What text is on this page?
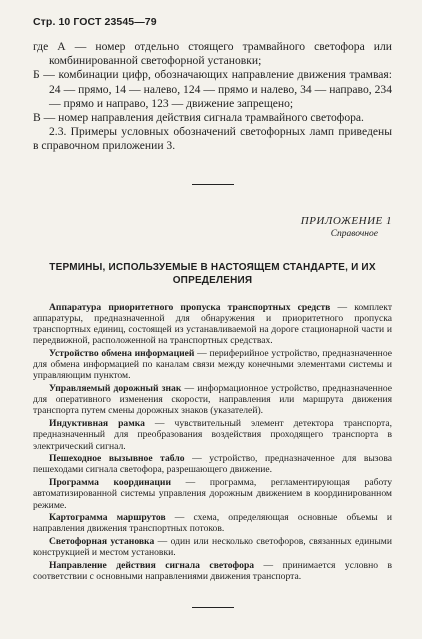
Стр. 10 ГОСТ 23545—79

где А — номер отдельно стоящего трамвайного светофора или комбинированной светофорной установки;

Б — комбинации цифр, обозначающих направление движения трамвая: 24 — прямо, 14 — налево, 124 — прямо и налево, 34 — направо, 234 — прямо и направо, 123 — движение запрещено;

В — номер направления действия сигнала трамвайного светофора.

2.3. Примеры условных обозначений светофорных ламп приведены в справочном приложении 3.

ПРИЛОЖЕНИЕ 1

Справочное

ТЕРМИНЫ, ИСПОЛЬЗУЕМЫЕ В НАСТОЯЩЕМ СТАНДАРТЕ, И ИХ ОПРЕДЕЛЕНИЯ

Аппаратура приоритетного пропуска транспортных средств — комплект аппаратуры, предназначенной для обнаружения и приоритетного пропуска транспортных единиц, состоящей из устанавливаемой на дороге стационарной части и передвижной, расположенной на транспортных средствах.

Устройство обмена информацией — периферийное устройство, предназначенное для обмена информацией по каналам связи между конечными элементами системы и управляющим пунктом.

Управляемый дорожный знак — информационное устройство, предназначенное для оперативного изменения скорости, направления или маршрута движения транспорта путем смены дорожных знаков (указателей).

Индуктивная рамка — чувствительный элемент детектора транспорта, предназначенный для преобразования воздействия проходящего транспорта в электрический сигнал.

Пешеходное вызывное табло — устройство, предназначенное для вызова пешеходами сигнала светофора, разрешающего движение.

Программа координации — программа, регламентирующая работу автоматизированной системы управления дорожным движением в координированном режиме.

Картограмма маршрутов — схема, определяющая основные объемы и направления движения транспортных потоков.

Светофорная установка — один или несколько светофоров, связанных едиными конструкцией и местом установки.

Направление действия сигнала светофора — принимается условно в соответствии с основными направлениями движения транспорта.
